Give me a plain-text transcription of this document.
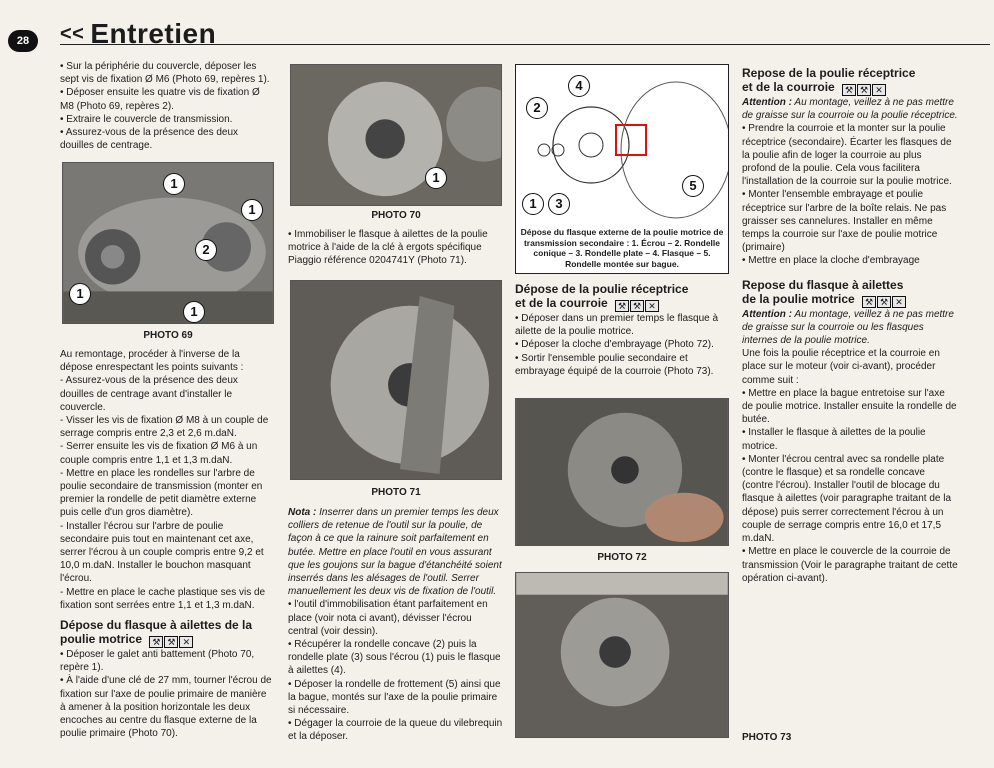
28	<< Entretien

• Sur la périphérie du couvercle, déposer les sept vis de fixation Ø M6 (Photo 69, repères 1).

• Déposer ensuite les quatre vis de fixation Ø M8 (Photo 69, repères 2).

• Extraire le couvercle de transmission.

• Assurez-vous de la présence des deux douilles de centrage.

1
1
2
1
1
PHOTO 69

Au remontage, procéder à l'inverse de la dépose enrespectant les points suivants :

- Assurez-vous de la présence des deux douilles de centrage avant d'installer le couvercle.

- Visser les vis de fixation Ø M8 à un couple de serrage compris entre 2,3 et 2,6 m.daN.

- Serrer ensuite les vis de fixation Ø M6 à un couple compris entre 1,1 et 1,3 m.daN.

- Mettre en place les rondelles sur l'arbre de poulie secondaire de transmission (monter en premier la rondelle de petit diamètre externe puis celle d'un gros diamètre).

- Installer l'écrou sur l'arbre de poulie secondaire puis tout en maintenant cet axe, serrer l'écrou à un couple compris entre 9,2 et 10,0 m.daN. Installer le bouchon masquant l'écrou.

- Mettre en place le cache plastique ses vis de fixation sont serrées entre 1,1 et 1,3 m.daN.

Dépose du flasque à ailettes de la
poulie motrice ⚒ ⚒ ✕

• Déposer le galet anti battement (Photo 70, repère 1).

• À l'aide d'une clé de 27 mm, tourner l'écrou de fixation sur l'axe de poulie primaire de manière à amener à la position horizontale les deux encoches au centre du flasque externe de la poulie primaire (Photo 70).

1
PHOTO 70

• Immobiliser le flasque à ailettes de la poulie motrice à l'aide de la clé à ergots spécifique Piaggio référence 0204741Y (Photo 71).

PHOTO 71

Nota : Inserrer dans un premier temps les deux colliers de retenue de l'outil sur la poulie, de façon à ce que la rainure soit parfaitement en butée. Mettre en place l'outil en vous assurant que les goujons sur la bague d'étanchéité soient inserrés dans les alésages de l'outil. Serrer manuellement les deux vis de fixation de l'outil.

• l'outil d'immobilisation étant parfaitement en place (voir nota ci avant), dévisser l'écrou central (voir dessin).

• Récupérer la rondelle concave (2) puis la rondelle plate (3) sous l'écrou (1) puis le flasque à ailettes (4).

• Déposer la rondelle de frottement (5) ainsi que la bague, montés sur l'axe de la poulie primaire si nécessaire.

• Dégager la courroie de la queue du vilebrequin et la déposer.

4
2
1	3
5
Dépose du flasque externe de la poulie motrice de transmission secondaire : 1. Écrou – 2. Rondelle conique – 3. Rondelle plate – 4. Flasque – 5. Rondelle montée sur bague.
Dépose de la poulie réceptrice
et de la courroie ⚒ ⚒ ✕

• Déposer dans un premier temps le flasque à ailette de la poulie motrice.

• Déposer la cloche d'embrayage (Photo 72).

• Sortir l'ensemble poulie secondaire et embrayage équipé de la courroie (Photo 73).

PHOTO 72
Repose de la poulie réceptrice
et de la courroie ⚒ ⚒ ✕

Attention : Au montage, veillez à ne pas mettre de graisse sur la courroie ou la poulie réceptrice.

• Prendre la courroie et la monter sur la poulie réceptrice (secondaire). Écarter les flasques de la poulie afin de loger la courroie au plus profond de la poulie. Cela vous facilitera l'installation de la courroie sur la poulie motrice.

• Monter l'ensemble embrayage et poulie réceptrice sur l'arbre de la boîte relais. Ne pas graisser ses cannelures. Installer en même temps la courroie sur l'axe de poulie motrice (primaire)

• Mettre en place la cloche d'embrayage

Repose du flasque à ailettes
de la poulie motrice ⚒ ⚒ ✕

Attention : Au montage, veillez à ne pas mettre de graisse sur la courroie ou les flasques internes de la poulie motrice.

Une fois la poulie réceptrice et la courroie en place sur le moteur (voir ci-avant), procéder comme suit :

• Mettre en place la bague entretoise sur l'axe de poulie motrice. Installer ensuite la rondelle de butée.

• Installer le flasque à ailettes de la poulie motrice.

• Monter l'écrou central avec sa rondelle plate (contre le flasque) et sa rondelle concave (contre l'écrou). Installer l'outil de blocage du flasque à ailettes (voir paragraphe traitant de la dépose) puis serrer correctement l'écrou à un couple de serrage compris entre 16,0 et 17,5 m.daN.

• Mettre en place le couvercle de la courroie de transmission (Voir le paragraphe traitant de cette opération ci-avant).

PHOTO 73
